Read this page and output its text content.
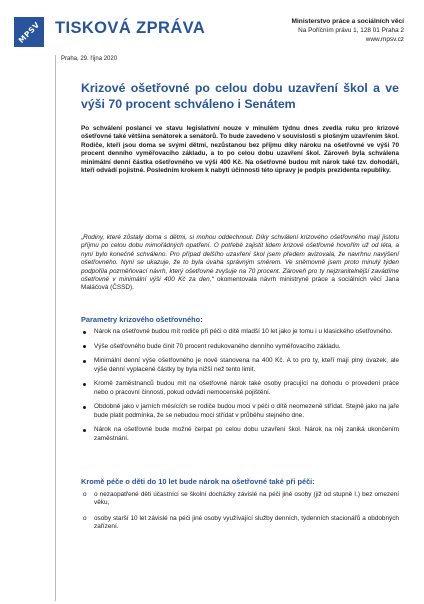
MPSV TISKOVÁ ZPRÁVA	Ministerstvo práce a sociálních věcí
Na Poříčním právu 1, 128 01 Praha 2
www.mpsv.cz
Praha, 29. října 2020
Krizové ošetřovné po celou dobu uzavření škol a ve výši 70 procent schváleno i Senátem
Po schválení poslanci ve stavu legislativní nouze v minulém týdnu dnes zvedla ruku pro krizové ošetřovné také většina senátorek a senátorů. To bude zavedeno v souvislosti s plošným uzavřením škol. Rodiče, kteří jsou doma se svými dětmi, nezůstanou bez příjmu díky nároku na ošetřovné ve výši 70 procent denního vyměřovacího základu, a to po celou dobu uzavření škol. Zároveň byla schválena minimální denní částka ošetřovného ve výši 400 Kč. Na ošetřovné budou mít nárok také tzv. dohodáři, kteří odvádí pojistné. Posledním krokem k nabytí účinnosti této úpravy je podpis prezidenta republiky.
„Rodiny, které zůstaly doma s dětmi, si mohou oddechnout. Díky schválení krizového ošetřovného mají jistotu příjmu po celou dobu mimořádných opatření. O potřebě zajistit lidem krizové ošetřovné hovořím už od léta, a nyní bylo konečně schváleno. Pro případ delšího uzavření škol jsem předem avizovala, že navrhnu navýšení ošetřovného. Nyní se ukazuje, že to byla úvaha správným směrem. Ve sněmovně jsem proto minulý týden podpořila pozměňovací návrh, který ošetřovné zvyšuje na 70 procent. Zároveň pro ty nejzranitelnější zavádíme ošetřovné v minimální výši 400 Kč za den,“ okomentovala návrh ministryně práce a sociálních věcí Jana Maláčová (ČSSD).
Parametry krizového ošetřovného:
Nárok na ošetřovné budou mít rodiče při péči o dítě mladší 10 let jako je tomu i u klasického ošetřovného.
Výše ošetřovného bude činit 70 procent redukovaného denního vyměřovacího základu.
Minimální denní výše ošetřovného je nově stanovena na 400 Kč. A to pro ty, kteří mají plný úvazek, ale výše denní vyplacené částky by byla nižší než tento limit.
Kromě zaměstnanců budou mít na ošetřovné nárok také osoby pracující na dohodu o provedení práce nebo o pracovní činnosti, pokud odvádí nemocenské pojištění.
Obdobně jako v jarních měsících se rodiče budou moci v péči o dítě neomezeně střídat. Stejně jako na jaře bude platit podmínka, že se nebudou moci střídat v průběhu stejného dne.
Nárok na ošetřovné bude možné čerpat po celou dobu uzavření škol. Nárok na něj zaniká ukončením zaměstnání.
Kromě péče o děti do 10 let bude nárok na ošetřovné také při péči:
o o nezaopatřené děti účastnící se školní docházky závislé na péči jiné osoby (již od stupně I.) bez omezení věku,
o osoby starší 10 let závislé na péči jiné osoby využívající služby denních, týdenních stacionářů a obdobných zařízení.
